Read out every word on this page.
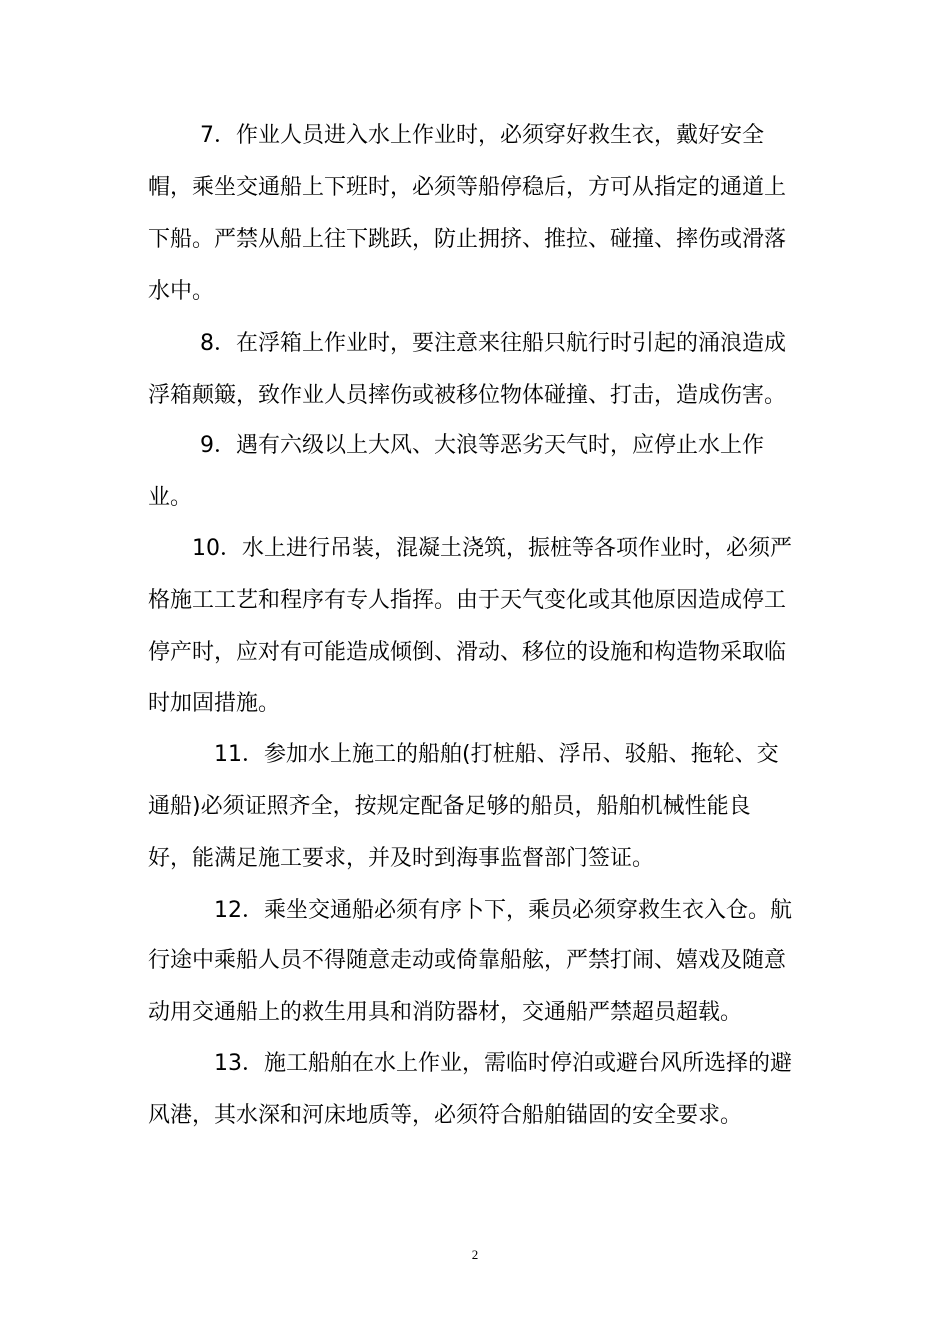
7．作业人员进入水上作业时，必须穿好救生衣，戴好安全
帽，乘坐交通船上下班时，必须等船停稳后，方可从指定的通道上
下船。严禁从船上往下跳跃，防止拥挤、推拉、碰撞、摔伤或滑落
水中。
8．在浮箱上作业时，要注意来往船只航行时引起的涌浪造成
浮箱颠簸，致作业人员摔伤或被移位物体碰撞、打击，造成伤害。
9．遇有六级以上大风、大浪等恶劣天气时，应停止水上作
业。
10．水上进行吊装，混凝土浇筑，振桩等各项作业时，必须严
格施工工艺和程序有专人指挥。由于天气变化或其他原因造成停工
停产时，应对有可能造成倾倒、滑动、移位的设施和构造物采取临
时加固措施。
11．参加水上施工的船舶(打桩船、浮吊、驳船、拖轮、交
通船)必须证照齐全，按规定配备足够的船员，船舶机械性能良
好，能满足施工要求，并及时到海事监督部门签证。
12．乘坐交通船必须有序卜下，乘员必须穿救生衣入仓。航
行途中乘船人员不得随意走动或倚靠船舷，严禁打闹、嬉戏及随意
动用交通船上的救生用具和消防器材，交通船严禁超员超载。
13．施工船舶在水上作业，需临时停泊或避台风所选择的避
风港，其水深和河床地质等，必须符合船舶锚固的安全要求。
2
